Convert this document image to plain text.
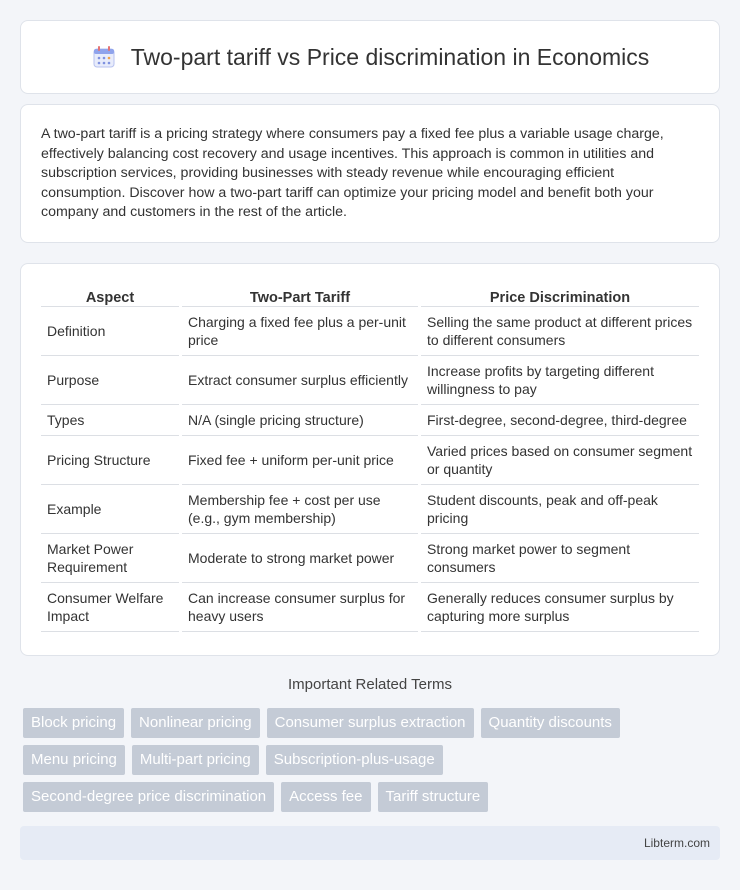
Two-part tariff vs Price discrimination in Economics

A two-part tariff is a pricing strategy where consumers pay a fixed fee plus a variable usage charge, effectively balancing cost recovery and usage incentives. This approach is common in utilities and subscription services, providing businesses with steady revenue while encouraging efficient consumption. Discover how a two-part tariff can optimize your pricing model and benefit both your company and customers in the rest of the article.

Aspect	Two-Part Tariff	Price Discrimination
Definition	Charging a fixed fee plus a per-unit price	Selling the same product at different prices to different consumers
Purpose	Extract consumer surplus efficiently	Increase profits by targeting different willingness to pay
Types	N/A (single pricing structure)	First-degree, second-degree, third-degree
Pricing Structure	Fixed fee + uniform per-unit price	Varied prices based on consumer segment or quantity
Example	Membership fee + cost per use (e.g., gym membership)	Student discounts, peak and off-peak pricing
Market Power Requirement	Moderate to strong market power	Strong market power to segment consumers
Consumer Welfare Impact	Can increase consumer surplus for heavy users	Generally reduces consumer surplus by capturing more surplus
Important Related Terms
Block pricing	Nonlinear pricing	Consumer surplus extraction	Quantity discounts
Menu pricing	Multi-part pricing	Subscription-plus-usage
Second-degree price discrimination	Access fee	Tariff structure
Libterm.com
